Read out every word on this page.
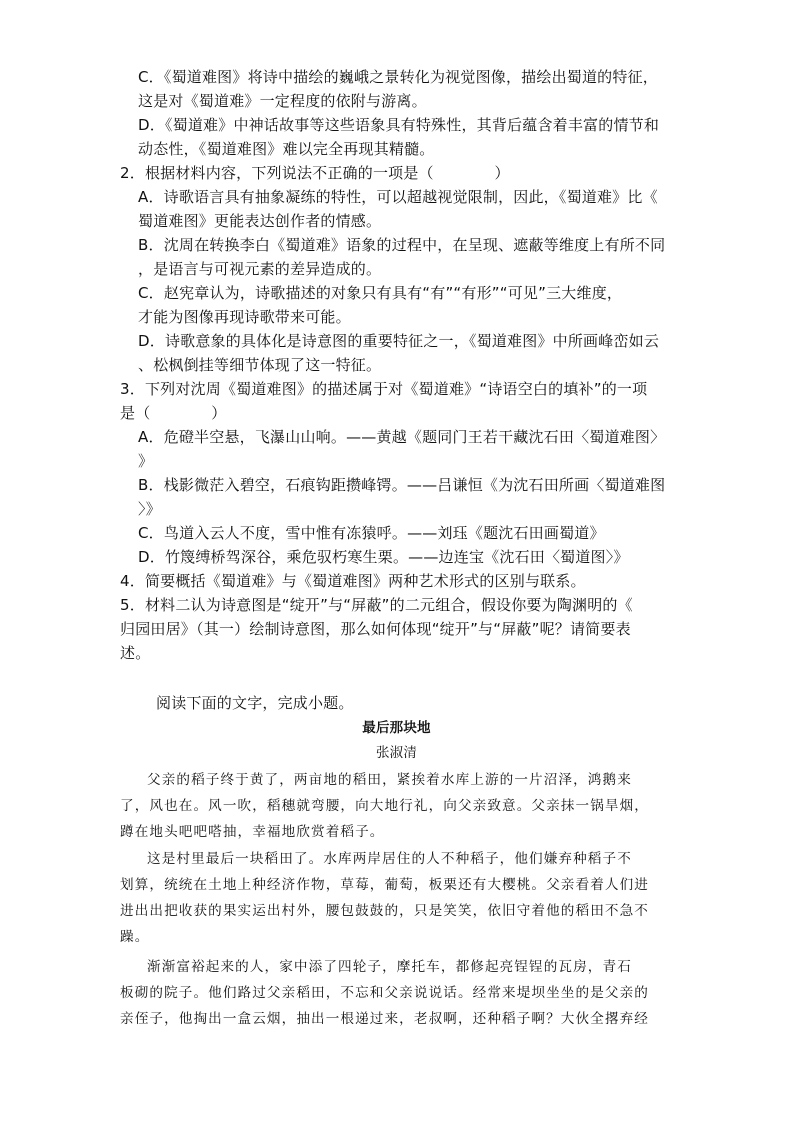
C．《蜀道难图》将诗中描绘的巍峨之景转化为视觉图像，描绘出蜀道的特征，
这是对《蜀道难》一定程度的依附与游离。
D．《蜀道难》中神话故事等这些语象具有特殊性，其背后蕴含着丰富的情节和
动态性，《蜀道难图》难以完全再现其精髓。
2．根据材料内容，下列说法不正确的一项是（　　　　）
A．诗歌语言具有抽象凝练的特性，可以超越视觉限制，因此，《蜀道难》比《
蜀道难图》更能表达创作者的情感。
B．沈周在转换李白《蜀道难》语象的过程中，在呈现、遮蔽等维度上有所不同
，是语言与可视元素的差异造成的。
C．赵宪章认为，诗歌描述的对象只有具有“有”“有形”“可见”三大维度，
才能为图像再现诗歌带来可能。
D．诗歌意象的具体化是诗意图的重要特征之一，《蜀道难图》中所画峰峦如云
、松枫倒挂等细节体现了这一特征。
3．下列对沈周《蜀道难图》的描述属于对《蜀道难》“诗语空白的填补”的一项
是（　　　　）
A．危磴半空悬，飞瀑山山响。——黄越《题同门王若干藏沈石田〈蜀道难图〉
》
B．栈影微茫入碧空，石痕钩距攒峰锷。——吕谦恒《为沈石田所画〈蜀道难图
〉》
C．鸟道入云人不度，雪中惟有冻猿呼。——刘珏《题沈石田画蜀道》
D．竹篾缚桥驾深谷，乘危驭朽寒生栗。——边连宝《沈石田〈蜀道图〉》
4．简要概括《蜀道难》与《蜀道难图》两种艺术形式的区别与联系。
5．材料二认为诗意图是“绽开”与“屏蔽”的二元组合，假设你要为陶渊明的《
归园田居》（其一）绘制诗意图，那么如何体现“绽开”与“屏蔽”呢？请简要表
述。
阅读下面的文字，完成小题。
最后那块地
张淑清
父亲的稻子终于黄了，两亩地的稻田，紧挨着水库上游的一片沼泽，鸿鹅来
了，风也在。风一吹，稻穗就弯腰，向大地行礼，向父亲致意。父亲抹一锅旱烟，
蹲在地头吧吧嗒抽，幸福地欣赏着稻子。
这是村里最后一块稻田了。水库两岸居住的人不种稻子，他们嫌弃种稻子不
划算，统统在土地上种经济作物，草莓，葡萄，板栗还有大樱桃。父亲看着人们进
进出出把收获的果实运出村外，腰包鼓鼓的，只是笑笑，依旧守着他的稻田不急不
躁。
渐渐富裕起来的人，家中添了四轮子，摩托车，都修起亮锃锃的瓦房，青石
板砌的院子。他们路过父亲稻田，不忘和父亲说说话。经常来堤坝坐坐的是父亲的
亲侄子，他掏出一盒云烟，抽出一根递过来，老叔啊，还种稻子啊？大伙全撂弃经
